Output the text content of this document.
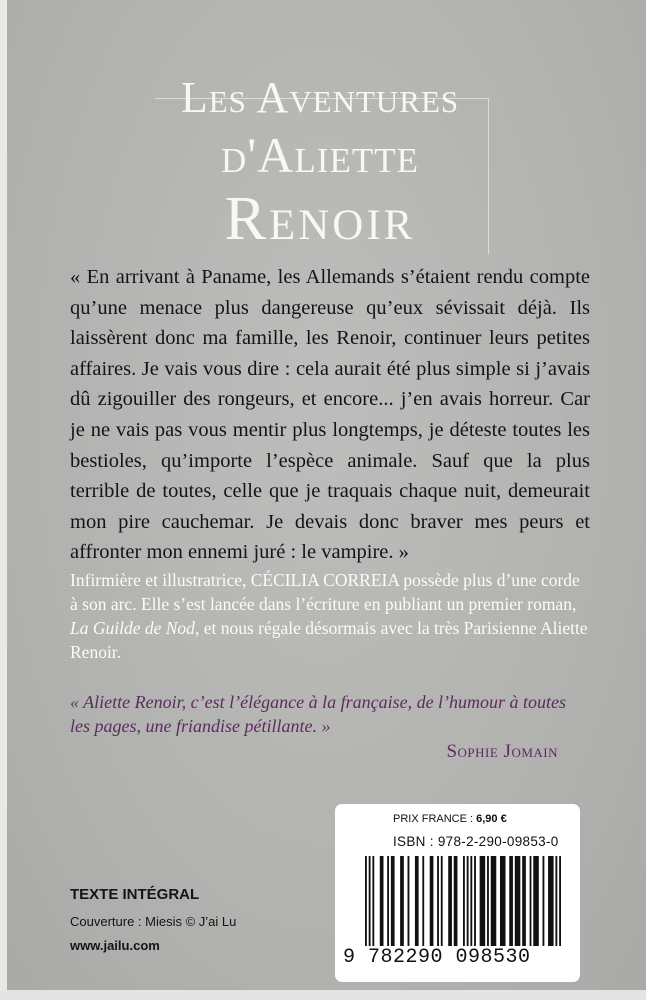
Les Aventures
d'Aliette
Renoir

« En arrivant à Paname, les Allemands s’étaient rendu compte qu’une menace plus dangereuse qu’eux sévissait déjà. Ils laissèrent donc ma famille, les Renoir, continuer leurs petites affaires. Je vais vous dire : cela aurait été plus simple si j’avais dû zigouiller des rongeurs, et encore... j’en avais horreur. Car je ne vais pas vous mentir plus longtemps, je déteste toutes les bestioles, qu’importe l’espèce animale. Sauf que la plus terrible de toutes, celle que je traquais chaque nuit, demeurait mon pire cauchemar. Je devais donc braver mes peurs et affronter mon ennemi juré : le vampire. »

Infirmière et illustratrice, CÉCILIA CORREIA possède plus d’une corde à son arc. Elle s’est lancée dans l’écriture en publiant un premier roman, La Guilde de Nod, et nous régale désormais avec la très Parisienne Aliette Renoir.

« Aliette Renoir, c’est l’élégance à la française, de l’humour à toutes les pages, une friandise pétillante. »

Sophie Jomain
PRIX FRANCE : 6,90 €
ISBN : 978-2-290-09853-0
9 782290 098530
TEXTE INTÉGRAL
Couverture : Miesis © J’ai Lu
www.jailu.com
